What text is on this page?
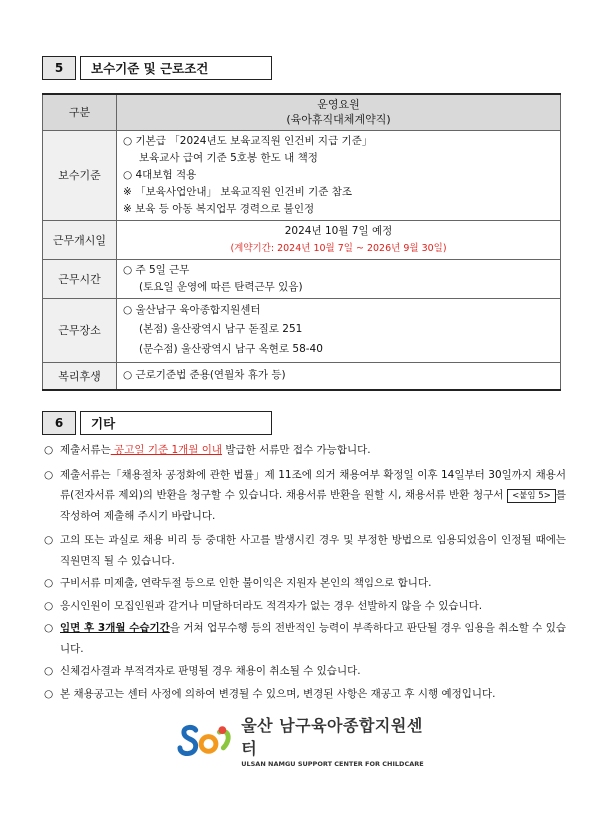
5	보수기준 및 근로조건
구분	운영요원
(육아휴직대체계약직)

보수기준	○ 기본급 「2024년도 보육교직원 인건비 지급 기준」
보육교사 급여 기준 5호봉 한도 내 책정
○ 4대보험 적용
※ 「보육사업안내」 보육교직원 인건비 기준 참조
※ 보육 등 아동 복지업무 경력으로 불인정

근무개시일	2024년 10월 7일 예정
(계약기간: 2024년 10월 7일 ~ 2026년 9월 30일)

근무시간	○ 주 5일 근무
(토요일 운영에 따른 탄력근무 있음)

근무장소	○ 울산남구 육아종합지원센터
(본점) 울산광역시 남구 돋질로 251
(문수점) 울산광역시 남구 옥현로 58-40

복리후생	○ 근로기준법 준용(연월차 휴가 등)
6	기타
○ 제출서류는 공고일 기준 1개월 이내 발급한 서류만 접수 가능합니다.
○ 제출서류는「채용절차 공정화에 관한 법률」제 11조에 의거 채용여부 확정일 이후 14일부터 30일까지 채용서류(전자서류 제외)의 반환을 청구할 수 있습니다. 채용서류 반환을 원할 시, 채용서류 반환 청구서 <붙임 5> 를 작성하여 제출해 주시기 바랍니다.
○ 고의 또는 과실로 채용 비리 등 중대한 사고를 발생시킨 경우 및 부정한 방법으로 임용되었음이 인정될 때에는 직원면직 될 수 있습니다.
○ 구비서류 미제출, 연락두절 등으로 인한 불이익은 지원자 본인의 책임으로 합니다.
○ 응시인원이 모집인원과 같거나 미달하더라도 적격자가 없는 경우 선발하지 않을 수 있습니다.
○ 임면 후 3개월 수습기간을 거쳐 업무수행 등의 전반적인 능력이 부족하다고 판단될 경우 임용을 취소할 수 있습니다.
○ 신체검사결과 부적격자로 판명될 경우 채용이 취소될 수 있습니다.
○ 본 채용공고는 센터 사정에 의하여 변경될 수 있으며, 변경된 사항은 재공고 후 시행 예정입니다.
울산 남구육아종합지원센터
ULSAN NAMGU SUPPORT CENTER FOR CHILDCARE
